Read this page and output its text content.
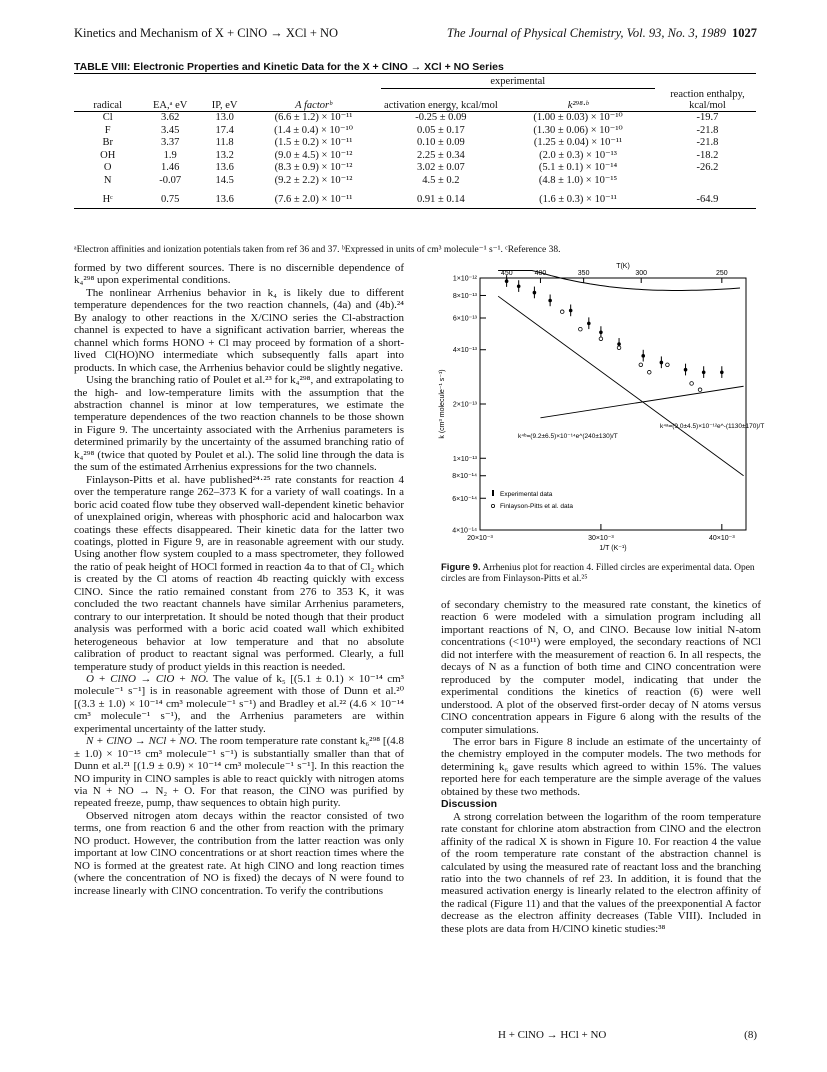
Kinetics and Mechanism of X + ClNO → XCl + NO	The Journal of Physical Chemistry, Vol. 93, No. 3, 1989 1027
TABLE VIII: Electronic Properties and Kinetic Data for the X + ClNO → XCl + NO Series

				experimental			

radical	EA,ᵃ eV	IP, eV	A factorᵇ	activation energy, kcal/mol	k²⁹⁸·ᵇ		reaction enthalpy, kcal/mol
Cl	3.62	13.0	(6.6 ± 1.2) × 10⁻¹¹	-0.25 ± 0.09	(1.00 ± 0.03) × 10⁻¹⁰		-19.7
F	3.45	17.4	(1.4 ± 0.4) × 10⁻¹⁰	0.05 ± 0.17	(1.30 ± 0.06) × 10⁻¹⁰		-21.8
Br	3.37	11.8	(1.5 ± 0.2) × 10⁻¹¹	0.10 ± 0.09	(1.25 ± 0.04) × 10⁻¹¹		-21.8
OH	1.9	13.2	(9.0 ± 4.5) × 10⁻¹²	2.25 ± 0.34	(2.0 ± 0.3) × 10⁻¹³		-18.2
O	1.46	13.6	(8.3 ± 0.9) × 10⁻¹²	3.02 ± 0.07	(5.1 ± 0.1) × 10⁻¹⁴		-26.2
N	-0.07	14.5	(9.2 ± 2.2) × 10⁻¹²	4.5 ± 0.2	(4.8 ± 1.0) × 10⁻¹⁵		
Hᶜ	0.75	13.6	(7.6 ± 2.0) × 10⁻¹¹	0.91 ± 0.14	(1.6 ± 0.3) × 10⁻¹¹		-64.9
ᵃElectron affinities and ionization potentials taken from ref 36 and 37. ᵇExpressed in units of cm³ molecule⁻¹ s⁻¹. ᶜReference 38.

formed by two different sources. There is no discernible dependence of k₄²⁹⁸ upon experimental conditions.

The nonlinear Arrhenius behavior in k₄ is likely due to different temperature dependences for the two reaction channels, (4a) and (4b).²⁴ By analogy to other reactions in the X/ClNO series the Cl-abstraction channel is expected to have a significant activation barrier, whereas the channel which forms HONO + Cl may proceed by formation of a short-lived Cl(HO)NO intermediate which subsequently falls apart into products. In which case, the Arrhenius behavior could be slightly negative.

Using the branching ratio of Poulet et al.²³ for k₄²⁹⁸, and extrapolating to the high- and low-temperature limits with the assumption that the abstraction channel is minor at low temperatures, we estimate the temperature dependences of the two reaction channels to be those shown in Figure 9. The uncertainty associated with the Arrhenius parameters is determined primarily by the uncertainty of the assumed branching ratio of k₄²⁹⁸ (twice that quoted by Poulet et al.). The solid line through the data is the sum of the estimated Arrhenius expressions for the two channels.

Finlayson-Pitts et al. have published²⁴·²⁵ rate constants for reaction 4 over the temperature range 262–373 K for a variety of wall coatings. In a boric acid coated flow tube they observed wall-dependent kinetic behavior of unexplained origin, whereas with phosphoric acid and halocarbon wax coatings these effects disappeared. Their kinetic data for the latter two coatings, plotted in Figure 9, are in reasonable agreement with our study. Using another flow system coupled to a mass spectrometer, they followed the ratio of peak height of HOCl formed in reaction 4a to that of Cl₂ which is created by the Cl atoms of reaction 4b reacting quickly with excess ClNO. Since the ratio remained constant from 276 to 353 K, it was concluded the two reactant channels have similar Arrhenius parameters, contrary to our interpretation. It should be noted though that their product analysis was performed with a boric acid coated wall which exhibited heterogeneous behavior at low temperature and that no absolute calibration of product to reactant signal was performed. Clearly, a full temperature study of product yields in this reaction is needed.

O + ClNO → ClO + NO. The value of k₅ [(5.1 ± 0.1) × 10⁻¹⁴ cm³ molecule⁻¹ s⁻¹] is in reasonable agreement with those of Dunn et al.²⁰ [(3.3 ± 1.0) × 10⁻¹⁴ cm³ molecule⁻¹ s⁻¹) and Bradley et al.²² (4.6 × 10⁻¹⁴ cm³ molecule⁻¹ s⁻¹), and the Arrhenius parameters are within experimental uncertainty of the latter study.

N + ClNO → NCl + NO. The room temperature rate constant k₆²⁹⁸ [(4.8 ± 1.0) × 10⁻¹⁵ cm³ molecule⁻¹ s⁻¹) is substantially smaller than that of Dunn et al.²¹ [(1.9 ± 0.9) × 10⁻¹⁴ cm³ molecule⁻¹ s⁻¹]. In this reaction the NO impurity in ClNO samples is able to react quickly with nitrogen atoms via N + NO → N₂ + O. For that reason, the ClNO was purified by repeated freeze, pump, thaw sequences to obtain high purity.

Observed nitrogen atom decays within the reactor consisted of two terms, one from reaction 6 and the other from reaction with the primary NO product. However, the contribution from the latter reaction was only important at low ClNO concentrations or at short reaction times where the NO is formed at the greatest rate. At high ClNO and long reaction times (where the concentration of NO is fixed) the decays of N were found to increase linearly with ClNO concentration. To verify the contributions

1×10⁻¹²
8×10⁻¹³
6×10⁻¹³
4×10⁻¹³
2×10⁻¹³
1×10⁻¹³
8×10⁻¹⁴
6×10⁻¹⁴
4×10⁻¹⁴
20×10⁻³	30×10⁻³	40×10⁻³
1/T (K⁻¹)
450	400	350	300	250
T(K)
k (cm³ molecule⁻¹ s⁻¹)	k⁴ᵇ=(9.2±6.5)×10⁻¹⁴e^(240±130)/T
k⁴ᵃ=(9.0±4.5)×10⁻¹²e^-(1130±170)/T
Experimental data
Finlayson-Pitts et al. data
Figure 9. Arrhenius plot for reaction 4. Filled circles are experimental data. Open circles are from Finlayson-Pitts et al.²⁵

of secondary chemistry to the measured rate constant, the kinetics of reaction 6 were modeled with a simulation program including all important reactions of N, O, and ClNO. Because low initial N-atom concentrations (<10¹¹) were employed, the secondary reactions of NCl did not interfere with the measurement of reaction 6. In all respects, the decays of N as a function of both time and ClNO concentration were reproduced by the computer model, indicating that under the experimental conditions the kinetics of reaction (6) were well understood. A plot of the observed first-order decay of N atoms versus ClNO concentration appears in Figure 6 along with the results of the computer simulations.

The error bars in Figure 8 include an estimate of the uncertainty of the chemistry employed in the computer models. The two methods for determining k₆ gave results which agreed to within 15%. The values reported here for each temperature are the simple average of the values obtained by these two methods.

Discussion

A strong correlation between the logarithm of the room temperature rate constant for chlorine atom abstraction from ClNO and the electron affinity of the radical X is shown in Figure 10. For reaction 4 the value of the room temperature rate constant of the abstraction channel is calculated by using the measured rate of reactant loss and the branching ratio into the two channels of ref 23. In addition, it is found that the measured activation energy is linearly related to the electron affinity of the radical (Figure 11) and that the values of the preexponential A factor decrease as the electron affinity decreases (Table VIII). Included in these plots are data from H/ClNO kinetic studies:³⁸

H + ClNO → HCl + NO	(8)
